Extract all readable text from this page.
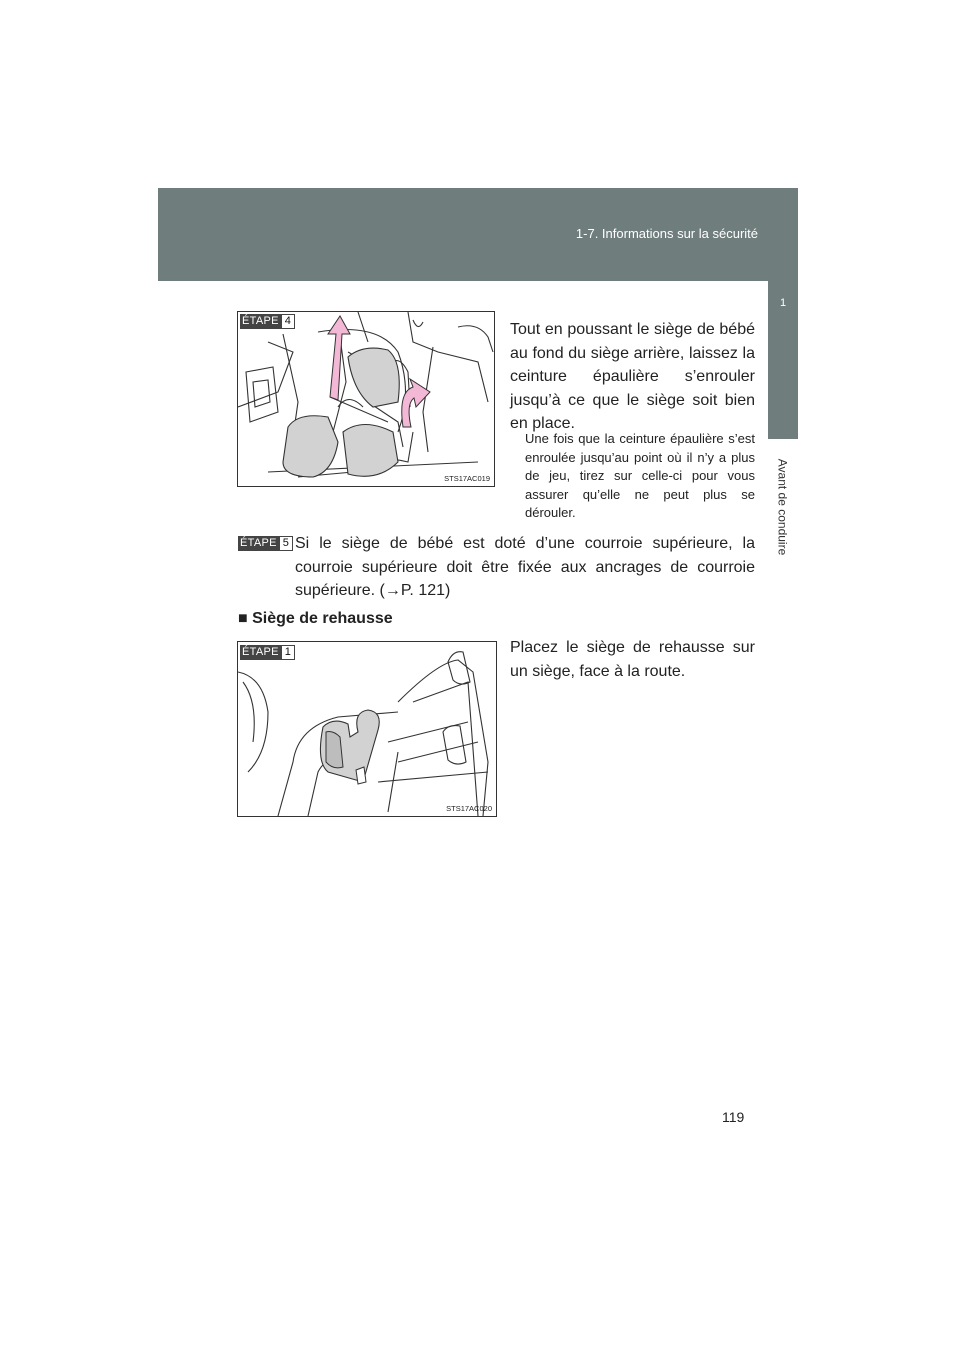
1-7. Informations sur la sécurité
1
Avant de conduire
ÉTAPE 4
STS17AC019
Tout en poussant le siège de bébé au fond du siège arrière, laissez la ceinture épaulière s’enrouler jusqu’à ce que le siège soit bien en place.
Une fois que la ceinture épaulière s’est enroulée jusqu’au point où il n’y a plus de jeu, tirez sur celle-ci pour vous assurer qu’elle ne peut plus se dérouler.
ÉTAPE 5 Si le siège de bébé est doté d’une courroie supérieure, la courroie supérieure doit être fixée aux ancrages de courroie supérieure. (→P. 121)
■ Siège de rehausse
ÉTAPE 1
STS17AC020
Placez le siège de rehausse sur un siège, face à la route.
119
